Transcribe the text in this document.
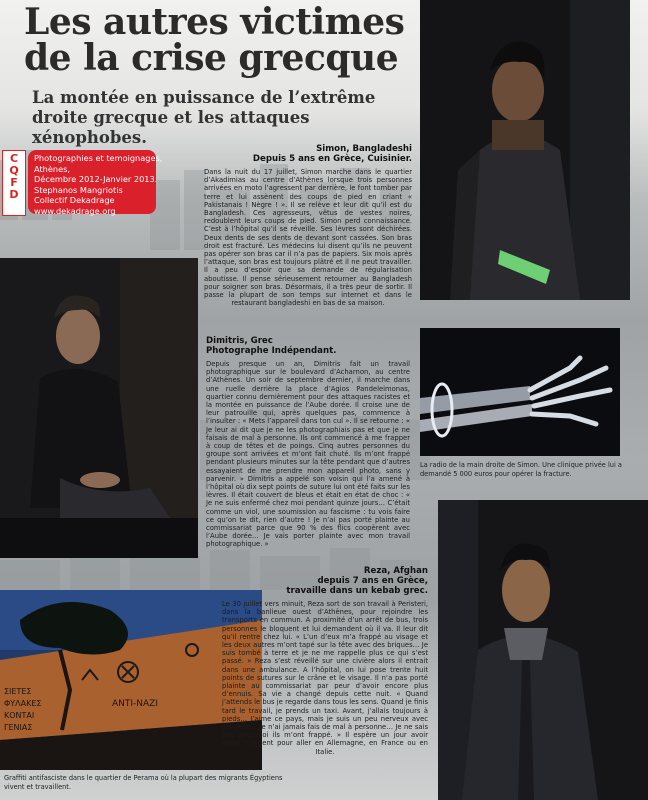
Les autres victimes
de la crise grecque
La montée en puissance de l’extrême droite grecque et les attaques xénophobes.
C
Q
F
D
Photographies et temoignages,
Athènes,
Décembre 2012-Janvier 2013.
Stephanos Mangriotis
Collectif Dekadrage
www.dekadrage.org
La radio de la main droite de Simon. Une clinique privée lui a demandé 5 000 euros pour opérer la fracture.
ΑΝΤΙ-ΝΑΖΙ
ΣΙΕΤΕΣ
ΦΥΛΑΚΕΣ
ΚΟΝΤΑΙ
ΓΕΝΙΑΣ
Graffiti antifasciste dans le quartier de Perama où la plupart des migrants Égyptiens vivent et travaillent.
Simon, Bangladeshi
Depuis 5 ans en Grèce, Cuisinier.

Dans la nuit du 17 juillet, Simon marche dans le quartier d’Akadimias au centre d’Athènes lorsque trois personnes arrivées en moto l’agressent par derrière, le font tomber par terre et lui assènent des coups de pied en criant « Pakistanais ! Nègre ! ». Il se relève et leur dit qu’il est du Bangladesh. Ces agresseurs, vêtus de vestes noires, redoublent leurs coups de pied. Simon perd connaissance. C’est à l’hôpital qu’il se réveille. Ses lèvres sont déchirées. Deux dents de ses dents de devant sont cassées. Son bras droit est fracturé. Les médecins lui disent qu’ils ne peuvent pas opérer son bras car il n’a pas de papiers. Six mois après l’attaque, son bras est toujours plâtré et il ne peut travailler. Il a peu d’espoir que sa demande de régularisation aboutisse. Il pense sérieusement retourner au Bangladesh pour soigner son bras. Désormais, il a très peur de sortir. Il passe la plupart de son temps sur internet et dans le restaurant bangladeshi en bas de sa maison.

Dimitris, Grec
Photographe Indépendant.

Depuis presque un an, Dimitris fait un travail photographique sur le boulevard d’Acharnon, au centre d’Athènes. Un soir de septembre dernier, il marche dans une ruelle derrière la place d’Agios Pandeleimonas, quartier connu dernièrement pour des attaques racistes et la montée en puissance de l’Aube dorée. Il croise une de leur patrouille qui, après quelques pas, commence à l’insulter : « Mets l’appareil dans ton cul ». Il se retourne : « Je leur ai dit que je ne les photographiais pas et que je ne faisais de mal à personne. Ils ont commencé à me frapper à coup de têtes et de poings. Cinq autres personnes du groupe sont arrivées et m’ont fait chuté. Ils m’ont frappé pendant plusieurs minutes sur la tête pendant que d’autres essayaient de me prendre mon appareil photo, sans y parvenir. » Dimitris a appelé son voisin qui l’a amené à l’hôpital où dix sept points de suture lui ont été faits sur les lèvres. Il était couvert de bleus et était en état de choc : « Je ne suis enfermé chez moi pendant quinze jours… C’était comme un viol, une soumission au fascisme : tu vois faire ce qu’on te dit, rien d’autre ! Je n’ai pas porté plainte au commissariat parce que 90 % des flics coopèrent avec l’Aube dorée… Je vais porter plainte avec mon travail photographique. »

Reza, Afghan
depuis 7 ans en Grèce,
travaille dans un kebab grec.

Le 30 juillet vers minuit, Reza sort de son travail à Peristeri, dans la banlieue ouest d’Athènes, pour rejoindre les transports en commun. A proximité d’un arrêt de bus, trois personnes le bloquent et lui demandent où il va. Il leur dit qu’il rentre chez lui. « L’un d’eux m’a frappé au visage et les deux autres m’ont tapé sur la tête avec des briques… Je suis tombé à terre et je ne me rappelle plus ce qui s’est passé. » Reza s’est réveillé sur une civière alors il entrait dans une ambulance. A l’hôpital, on lui pose trente huit points de sutures sur le crâne et le visage. Il n’a pas porté plainte au commissariat par peur d’avoir encore plus d’ennuis. Sa vie a changé depuis cette nuit. « Quand j’attends le bus je regarde dans tous les sens. Quand je finis tard le travail, je prends un taxi. Avant, j’allais toujours à pieds… J’aime ce pays, mais je suis un peu nerveux avec les gens… Je n’ai jamais fais de mal à personne… Je ne sais pas pourquoi ils m’ont frappé. » Il espère un jour avoir assez d’argent pour aller en Allemagne, en France ou en Italie.
